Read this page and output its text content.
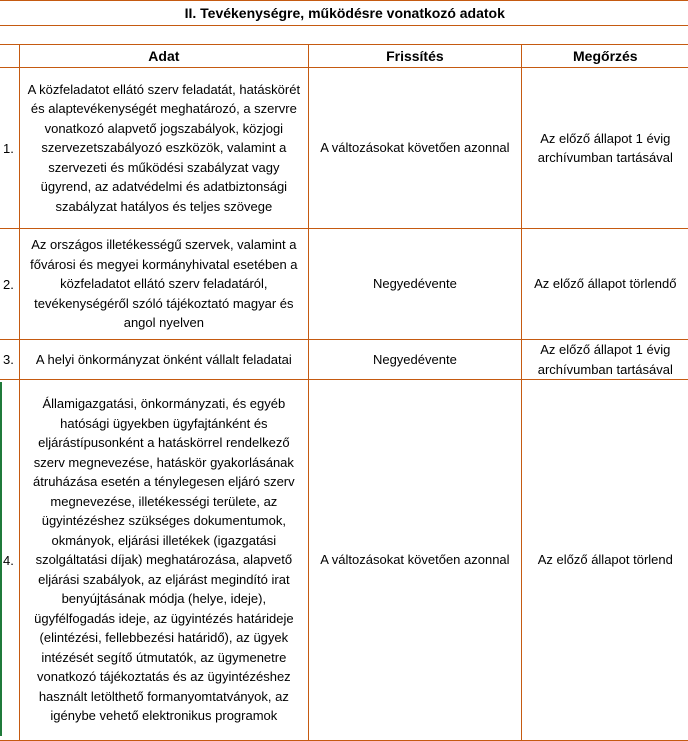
II. Tevékenységre, működésre vonatkozó adatok			

	Adat	Frissítés	Megőrzés
1.	A közfeladatot ellátó szerv feladatát, hatáskörét és alaptevékenységét meghatározó, a szervre vonatkozó alapvető jogszabályok, közjogi szervezetszabályozó eszközök, valamint a szervezeti és működési szabályzat vagy ügyrend, az adatvédelmi és adatbiztonsági szabályzat hatályos és teljes szövege	A változásokat követően azonnal	Az előző állapot 1 évig archívumban tartásával
2.	Az országos illetékességű szervek, valamint a fővárosi és megyei kormányhivatal esetében a közfeladatot ellátó szerv feladatáról, tevékenységéről szóló tájékoztató magyar és angol nyelven	Negyedévente	Az előző állapot törlendő
3.	A helyi önkormányzat önként vállalt feladatai	Negyedévente	Az előző állapot 1 évig archívumban tartásával
4.	Államigazgatási, önkormányzati, és egyéb hatósági ügyekben ügyfajtánként és eljárástípusonként a hatáskörrel rendelkező szerv megnevezése, hatáskör gyakorlásának átruházása esetén a ténylegesen eljáró szerv megnevezése, illetékességi területe, az ügyintézéshez szükséges dokumentumok, okmányok, eljárási illetékek (igazgatási szolgáltatási díjak) meghatározása, alapvető eljárási szabályok, az eljárást megindító irat benyújtásának módja (helye, ideje), ügyfélfogadás ideje, az ügyintézés határideje (elintézési, fellebbezési határidő), az ügyek intézését segítő útmutatók, az ügymenetre vonatkozó tájékoztatás és az ügyintézéshez használt letölthető formanyomtatványok, az igénybe vehető elektronikus programok	A változásokat követően azonnal	Az előző állapot törlend
